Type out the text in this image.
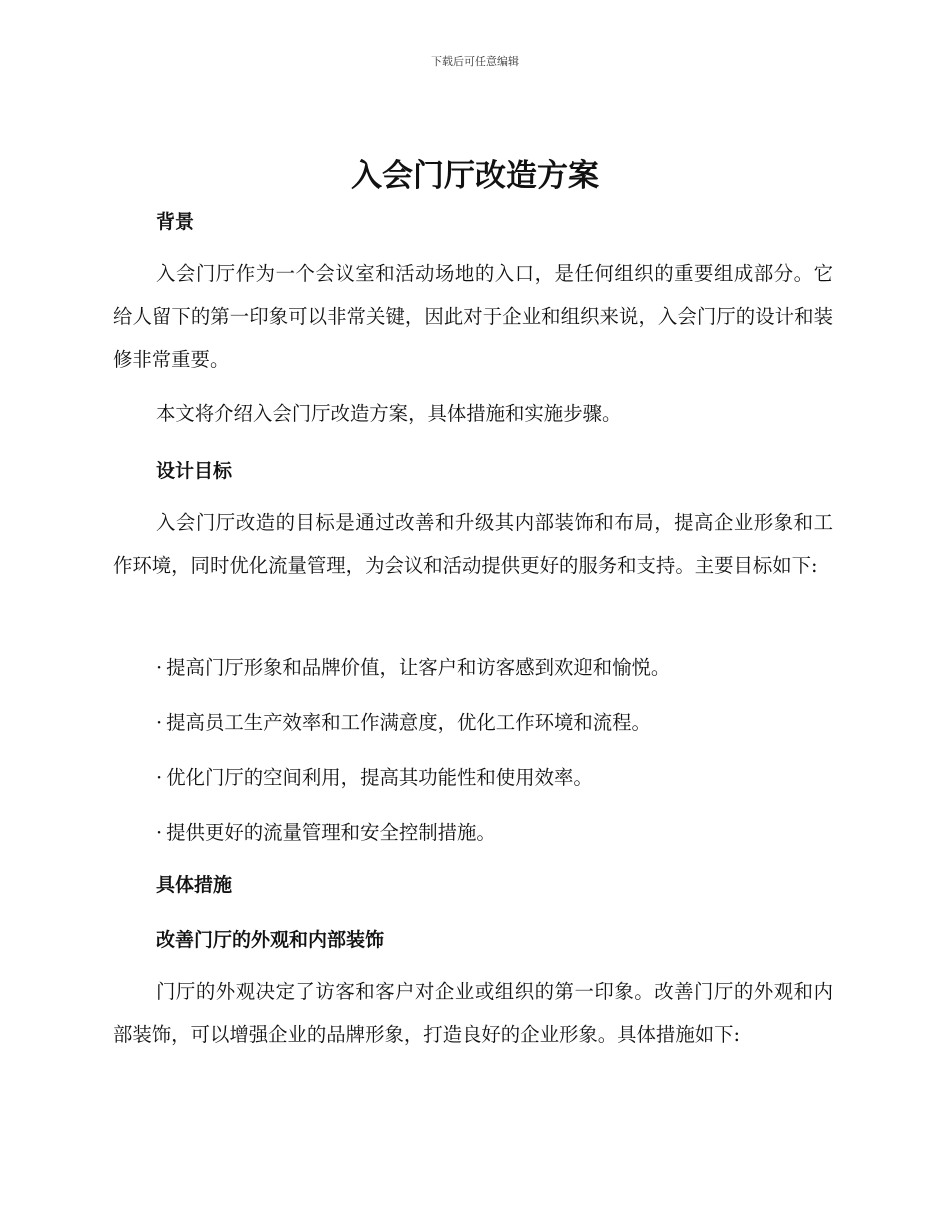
下载后可任意编辑
入会门厅改造方案
背景
入会门厅作为一个会议室和活动场地的入口，是任何组织的重要组成部分。它给人留下的第一印象可以非常关键，因此对于企业和组织来说，入会门厅的设计和装修非常重要。
本文将介绍入会门厅改造方案，具体措施和实施步骤。
设计目标
入会门厅改造的目标是通过改善和升级其内部装饰和布局，提高企业形象和工作环境，同时优化流量管理，为会议和活动提供更好的服务和支持。主要目标如下:
· 提高门厅形象和品牌价值，让客户和访客感到欢迎和愉悦。
· 提高员工生产效率和工作满意度，优化工作环境和流程。
· 优化门厅的空间利用，提高其功能性和使用效率。
· 提供更好的流量管理和安全控制措施。
具体措施
改善门厅的外观和内部装饰
门厅的外观决定了访客和客户对企业或组织的第一印象。改善门厅的外观和内部装饰，可以增强企业的品牌形象，打造良好的企业形象。具体措施如下:
